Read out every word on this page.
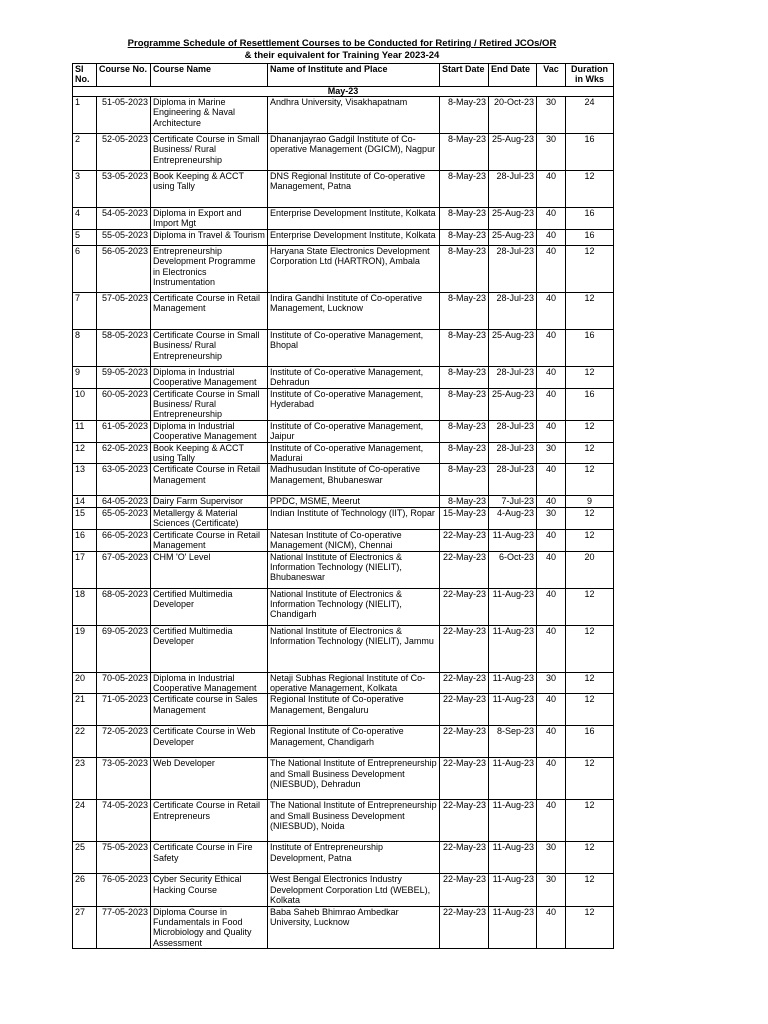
Programme Schedule of Resettlement Courses to be Conducted for Retiring / Retired JCOs/OR
& their equivalent for Training Year 2023-24
SI No.	Course No.	Course Name	Name of Institute and Place	Start Date	End Date	Vac	Duration in Wks
May-23							
1	51-05-2023	Diploma in Marine Engineering & Naval Architecture	Andhra University, Visakhapatnam	8-May-23	20-Oct-23	30	24
2	52-05-2023	Certificate Course in Small Business/ Rural Entrepreneurship	Dhananjayrao Gadgil Institute of Co-operative Management (DGICM), Nagpur	8-May-23	25-Aug-23	30	16
3	53-05-2023	Book Keeping & ACCT using Tally	DNS Regional Institute of Co-operative Management, Patna	8-May-23	28-Jul-23	40	12
4	54-05-2023	Diploma in Export and Import Mgt	Enterprise Development Institute, Kolkata	8-May-23	25-Aug-23	40	16
5	55-05-2023	Diploma in Travel & Tourism	Enterprise Development Institute, Kolkata	8-May-23	25-Aug-23	40	16
6	56-05-2023	Entrepreneurship Development Programme in Electronics Instrumentation	Haryana State Electronics Development Corporation Ltd (HARTRON), Ambala	8-May-23	28-Jul-23	40	12
7	57-05-2023	Certificate Course in Retail Management	Indira Gandhi Institute of Co-operative Management, Lucknow	8-May-23	28-Jul-23	40	12
8	58-05-2023	Certificate Course in Small Business/ Rural Entrepreneurship	Institute of Co-operative Management, Bhopal	8-May-23	25-Aug-23	40	16
9	59-05-2023	Diploma in Industrial Cooperative Management	Institute of Co-operative Management, Dehradun	8-May-23	28-Jul-23	40	12
10	60-05-2023	Certificate Course in Small Business/ Rural Entrepreneurship	Institute of Co-operative Management, Hyderabad	8-May-23	25-Aug-23	40	16
11	61-05-2023	Diploma in Industrial Cooperative Management	Institute of Co-operative Management, Jaipur	8-May-23	28-Jul-23	40	12
12	62-05-2023	Book Keeping & ACCT using Tally	Institute of Co-operative Management, Madurai	8-May-23	28-Jul-23	30	12
13	63-05-2023	Certificate Course in Retail Management	Madhusudan Institute of Co-operative Management, Bhubaneswar	8-May-23	28-Jul-23	40	12
14	64-05-2023	Dairy Farm Supervisor	PPDC, MSME, Meerut	8-May-23	7-Jul-23	40	9
15	65-05-2023	Metallergy & Material Sciences (Certificate)	Indian Institute of Technology (IIT), Ropar	15-May-23	4-Aug-23	30	12
16	66-05-2023	Certificate Course in Retail Management	Natesan Institute of Co-operative Management (NICM), Chennai	22-May-23	11-Aug-23	40	12
17	67-05-2023	CHM 'O' Level	National Institute of Electronics & Information Technology (NIELIT), Bhubaneswar	22-May-23	6-Oct-23	40	20
18	68-05-2023	Certified Multimedia Developer	National Institute of Electronics & Information Technology (NIELIT), Chandigarh	22-May-23	11-Aug-23	40	12
19	69-05-2023	Certified Multimedia Developer	National Institute of Electronics & Information Technology (NIELIT), Jammu	22-May-23	11-Aug-23	40	12
20	70-05-2023	Diploma in Industrial Cooperative Management	Netaji Subhas Regional Institute of Co-operative Management, Kolkata	22-May-23	11-Aug-23	30	12
21	71-05-2023	Certificate course in Sales Management	Regional Institute of Co-operative Management, Bengaluru	22-May-23	11-Aug-23	40	12
22	72-05-2023	Certificate Course in Web Developer	Regional Institute of Co-operative Management, Chandigarh	22-May-23	8-Sep-23	40	16
23	73-05-2023	Web Developer	The National Institute of Entrepreneurship and Small Business Development (NIESBUD), Dehradun	22-May-23	11-Aug-23	40	12
24	74-05-2023	Certificate Course in Retail Entrepreneurs	The National Institute of Entrepreneurship and Small Business Development (NIESBUD), Noida	22-May-23	11-Aug-23	40	12
25	75-05-2023	Certificate Course in Fire Safety	Institute of Entrepreneurship Development, Patna	22-May-23	11-Aug-23	30	12
26	76-05-2023	Cyber Security Ethical Hacking Course	West Bengal Electronics Industry Development Corporation Ltd (WEBEL), Kolkata	22-May-23	11-Aug-23	30	12
27	77-05-2023	Diploma Course in Fundamentals in Food Microbiology and Quality Assessment	Baba Saheb Bhimrao Ambedkar University, Lucknow	22-May-23	11-Aug-23	40	12
